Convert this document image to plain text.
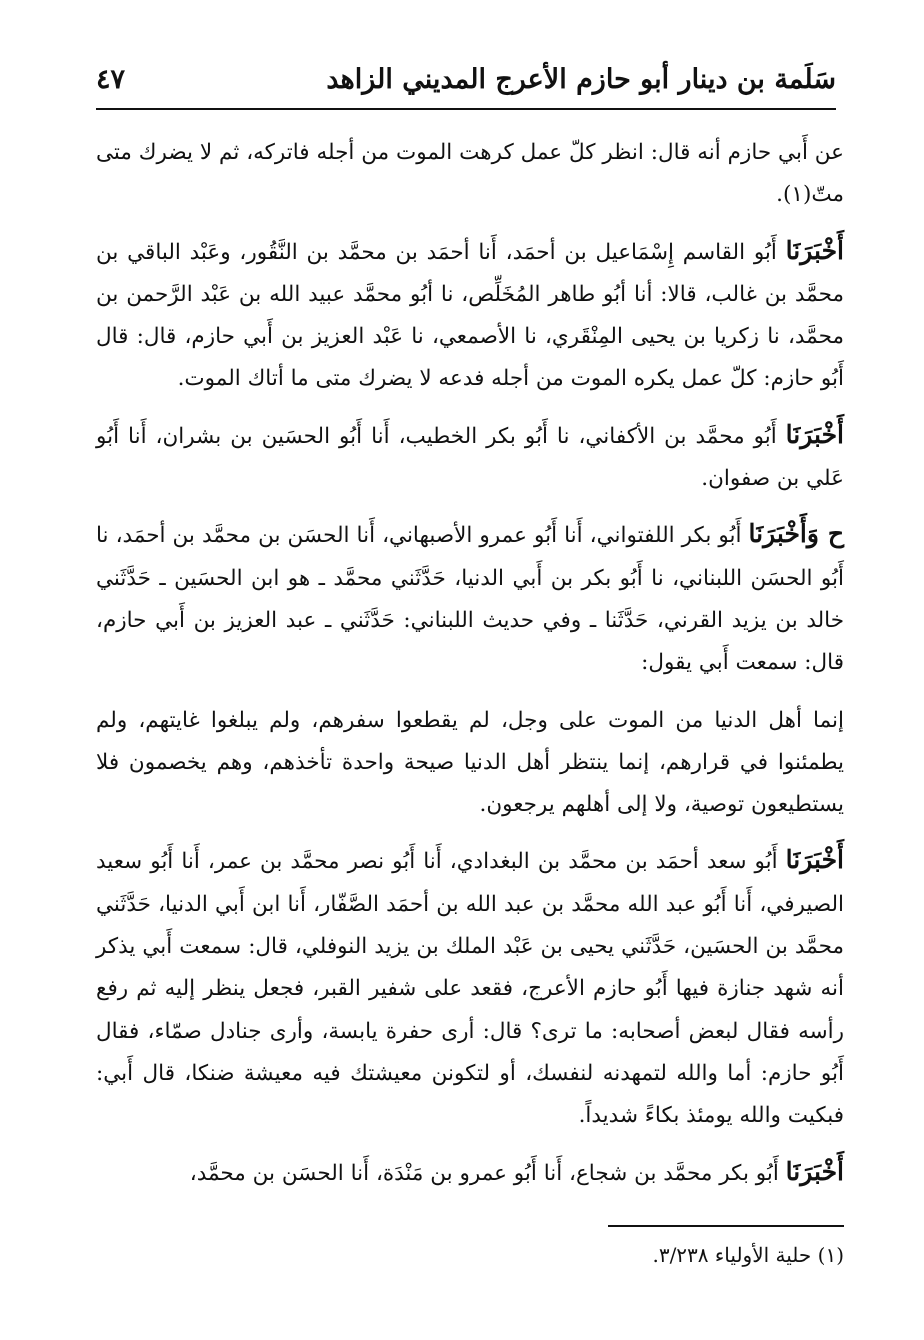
سَلَمة بن دينار أبو حازم الأعرج المديني الزاهد
٤٧

عن أَبي حازم أنه قال: انظر كلّ عمل كرهت الموت من أجله فاتركه، ثم لا يضرك متى متّ(١).

أَخْبَرَنَا أَبُو القاسم إِسْمَاعيل بن أحمَد، أَنا أحمَد بن محمَّد بن النَّقُور، وعَبْد الباقي بن محمَّد بن غالب، قالا: أنا أبُو طاهر المُخَلِّص، نا أبُو محمَّد عبيد الله بن عَبْد الرَّحمن بن محمَّد، نا زكريا بن يحيى المِنْقَري، نا الأصمعي، نا عَبْد العزيز بن أَبي حازم، قال: قال أَبُو حازم: كلّ عمل يكره الموت من أجله فدعه لا يضرك متى ما أتاك الموت.

أَخْبَرَنَا أَبُو محمَّد بن الأكفاني، نا أَبُو بكر الخطيب، أَنا أَبُو الحسَين بن بشران، أَنا أَبُو عَلي بن صفوان.

ح وَأَخْبَرَنَا أَبُو بكر اللفتواني، أَنا أَبُو عمرو الأصبهاني، أَنا الحسَن بن محمَّد بن أحمَد، نا أَبُو الحسَن اللبناني، نا أَبُو بكر بن أَبي الدنيا، حَدَّثَني محمَّد ـ هو ابن الحسَين ـ حَدَّثَني خالد بن يزيد القرني، حَدَّثَنا ـ وفي حديث اللبناني: حَدَّثَني ـ عبد العزيز بن أَبي حازم، قال: سمعت أَبي يقول:

إنما أهل الدنيا من الموت على وجل، لم يقطعوا سفرهم، ولم يبلغوا غايتهم، ولم يطمئنوا في قرارهم، إنما ينتظر أهل الدنيا صيحة واحدة تأخذهم، وهم يخصمون فلا يستطيعون توصية، ولا إلى أهلهم يرجعون.

أَخْبَرَنَا أَبُو سعد أحمَد بن محمَّد بن البغدادي، أَنا أَبُو نصر محمَّد بن عمر، أَنا أَبُو سعيد الصيرفي، أَنا أَبُو عبد الله محمَّد بن عبد الله بن أحمَد الصَّفّار، أَنا ابن أَبي الدنيا، حَدَّثَني محمَّد بن الحسَين، حَدَّثَني يحيى بن عَبْد الملك بن يزيد النوفلي، قال: سمعت أَبي يذكر أنه شهد جنازة فيها أَبُو حازم الأعرج، فقعد على شفير القبر، فجعل ينظر إليه ثم رفع رأسه فقال لبعض أصحابه: ما ترى؟ قال: أرى حفرة يابسة، وأرى جنادل صمّاء، فقال أَبُو حازم: أما والله لتمهدنه لنفسك، أو لتكونن معيشتك فيه معيشة ضنكا، قال أَبي: فبكيت والله يومئذ بكاءً شديداً.

أَخْبَرَنَا أَبُو بكر محمَّد بن شجاع، أَنا أَبُو عمرو بن مَنْدَة، أَنا الحسَن بن محمَّد،

(١) حلية الأولياء ٣/٢٣٨.
